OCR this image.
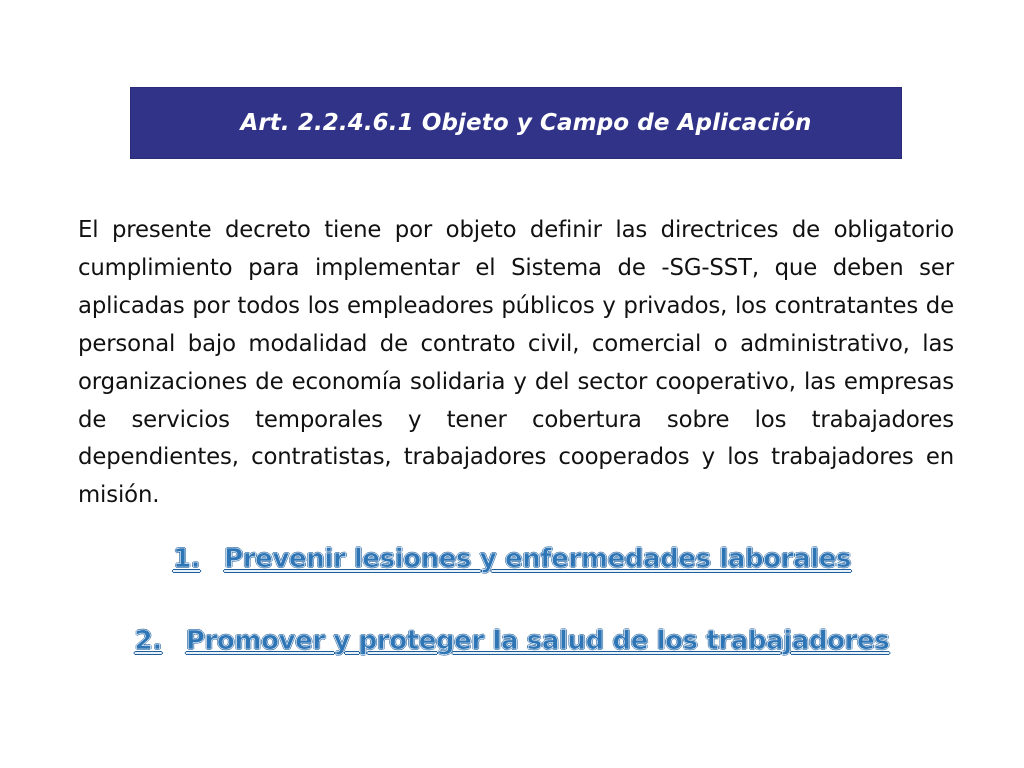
Art. 2.2.4.6.1 Objeto y Campo de Aplicación

El presente decreto tiene por objeto definir las directrices de obligatorio cumplimiento para implementar el Sistema de -SG-SST, que deben ser aplicadas por todos los empleadores públicos y privados, los contratantes de personal bajo modalidad de contrato civil, comercial o administrativo, las organizaciones de economía solidaria y del sector cooperativo, las empresas de servicios temporales y tener cobertura sobre los trabajadores dependientes, contratistas, trabajadores cooperados y los trabajadores en misión.

1. Prevenir lesiones y enfermedades laborales
2. Promover y proteger la salud de los trabajadores
